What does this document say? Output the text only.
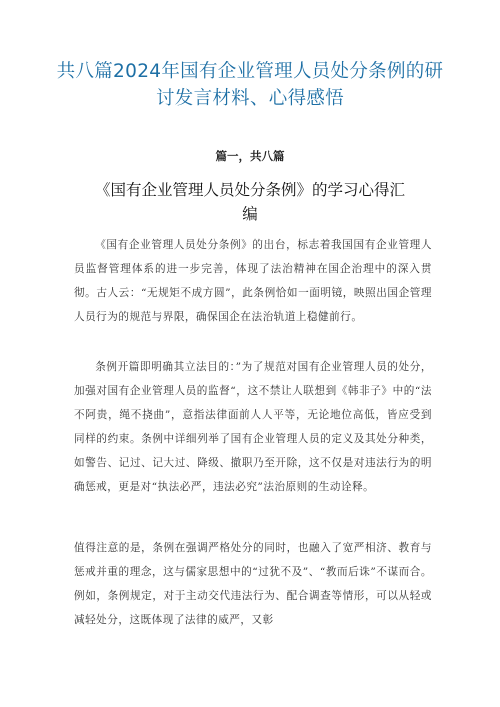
共八篇2024年国有企业管理人员处分条例的研讨发言材料、心得感悟
篇一，共八篇
《国有企业管理人员处分条例》的学习心得汇编

《国有企业管理人员处分条例》的出台，标志着我国国有企业管理人员监督管理体系的进一步完善，体现了法治精神在国企治理中的深入贯彻。古人云：“无规矩不成方圆”，此条例恰如一面明镜，映照出国企管理人员行为的规范与界限，确保国企在法治轨道上稳健前行。

条例开篇即明确其立法目的：”为了规范对国有企业管理人员的处分，加强对国有企业管理人员的监督“，这不禁让人联想到《韩非子》中的“法不阿贵，绳不挠曲”，意指法律面前人人平等，无论地位高低，皆应受到同样的约束。条例中详细列举了国有企业管理人员的定义及其处分种类，如警告、记过、记大过、降级、撤职乃至开除，这不仅是对违法行为的明确惩戒，更是对“执法必严，违法必究”法治原则的生动诠释。

值得注意的是，条例在强调严格处分的同时，也融入了宽严相济、教育与惩戒并重的理念，这与儒家思想中的“过犹不及”、“教而后诛”不谋而合。例如，条例规定，对于主动交代违法行为、配合调查等情形，可以从轻或减轻处分，这既体现了法律的威严，又彰
